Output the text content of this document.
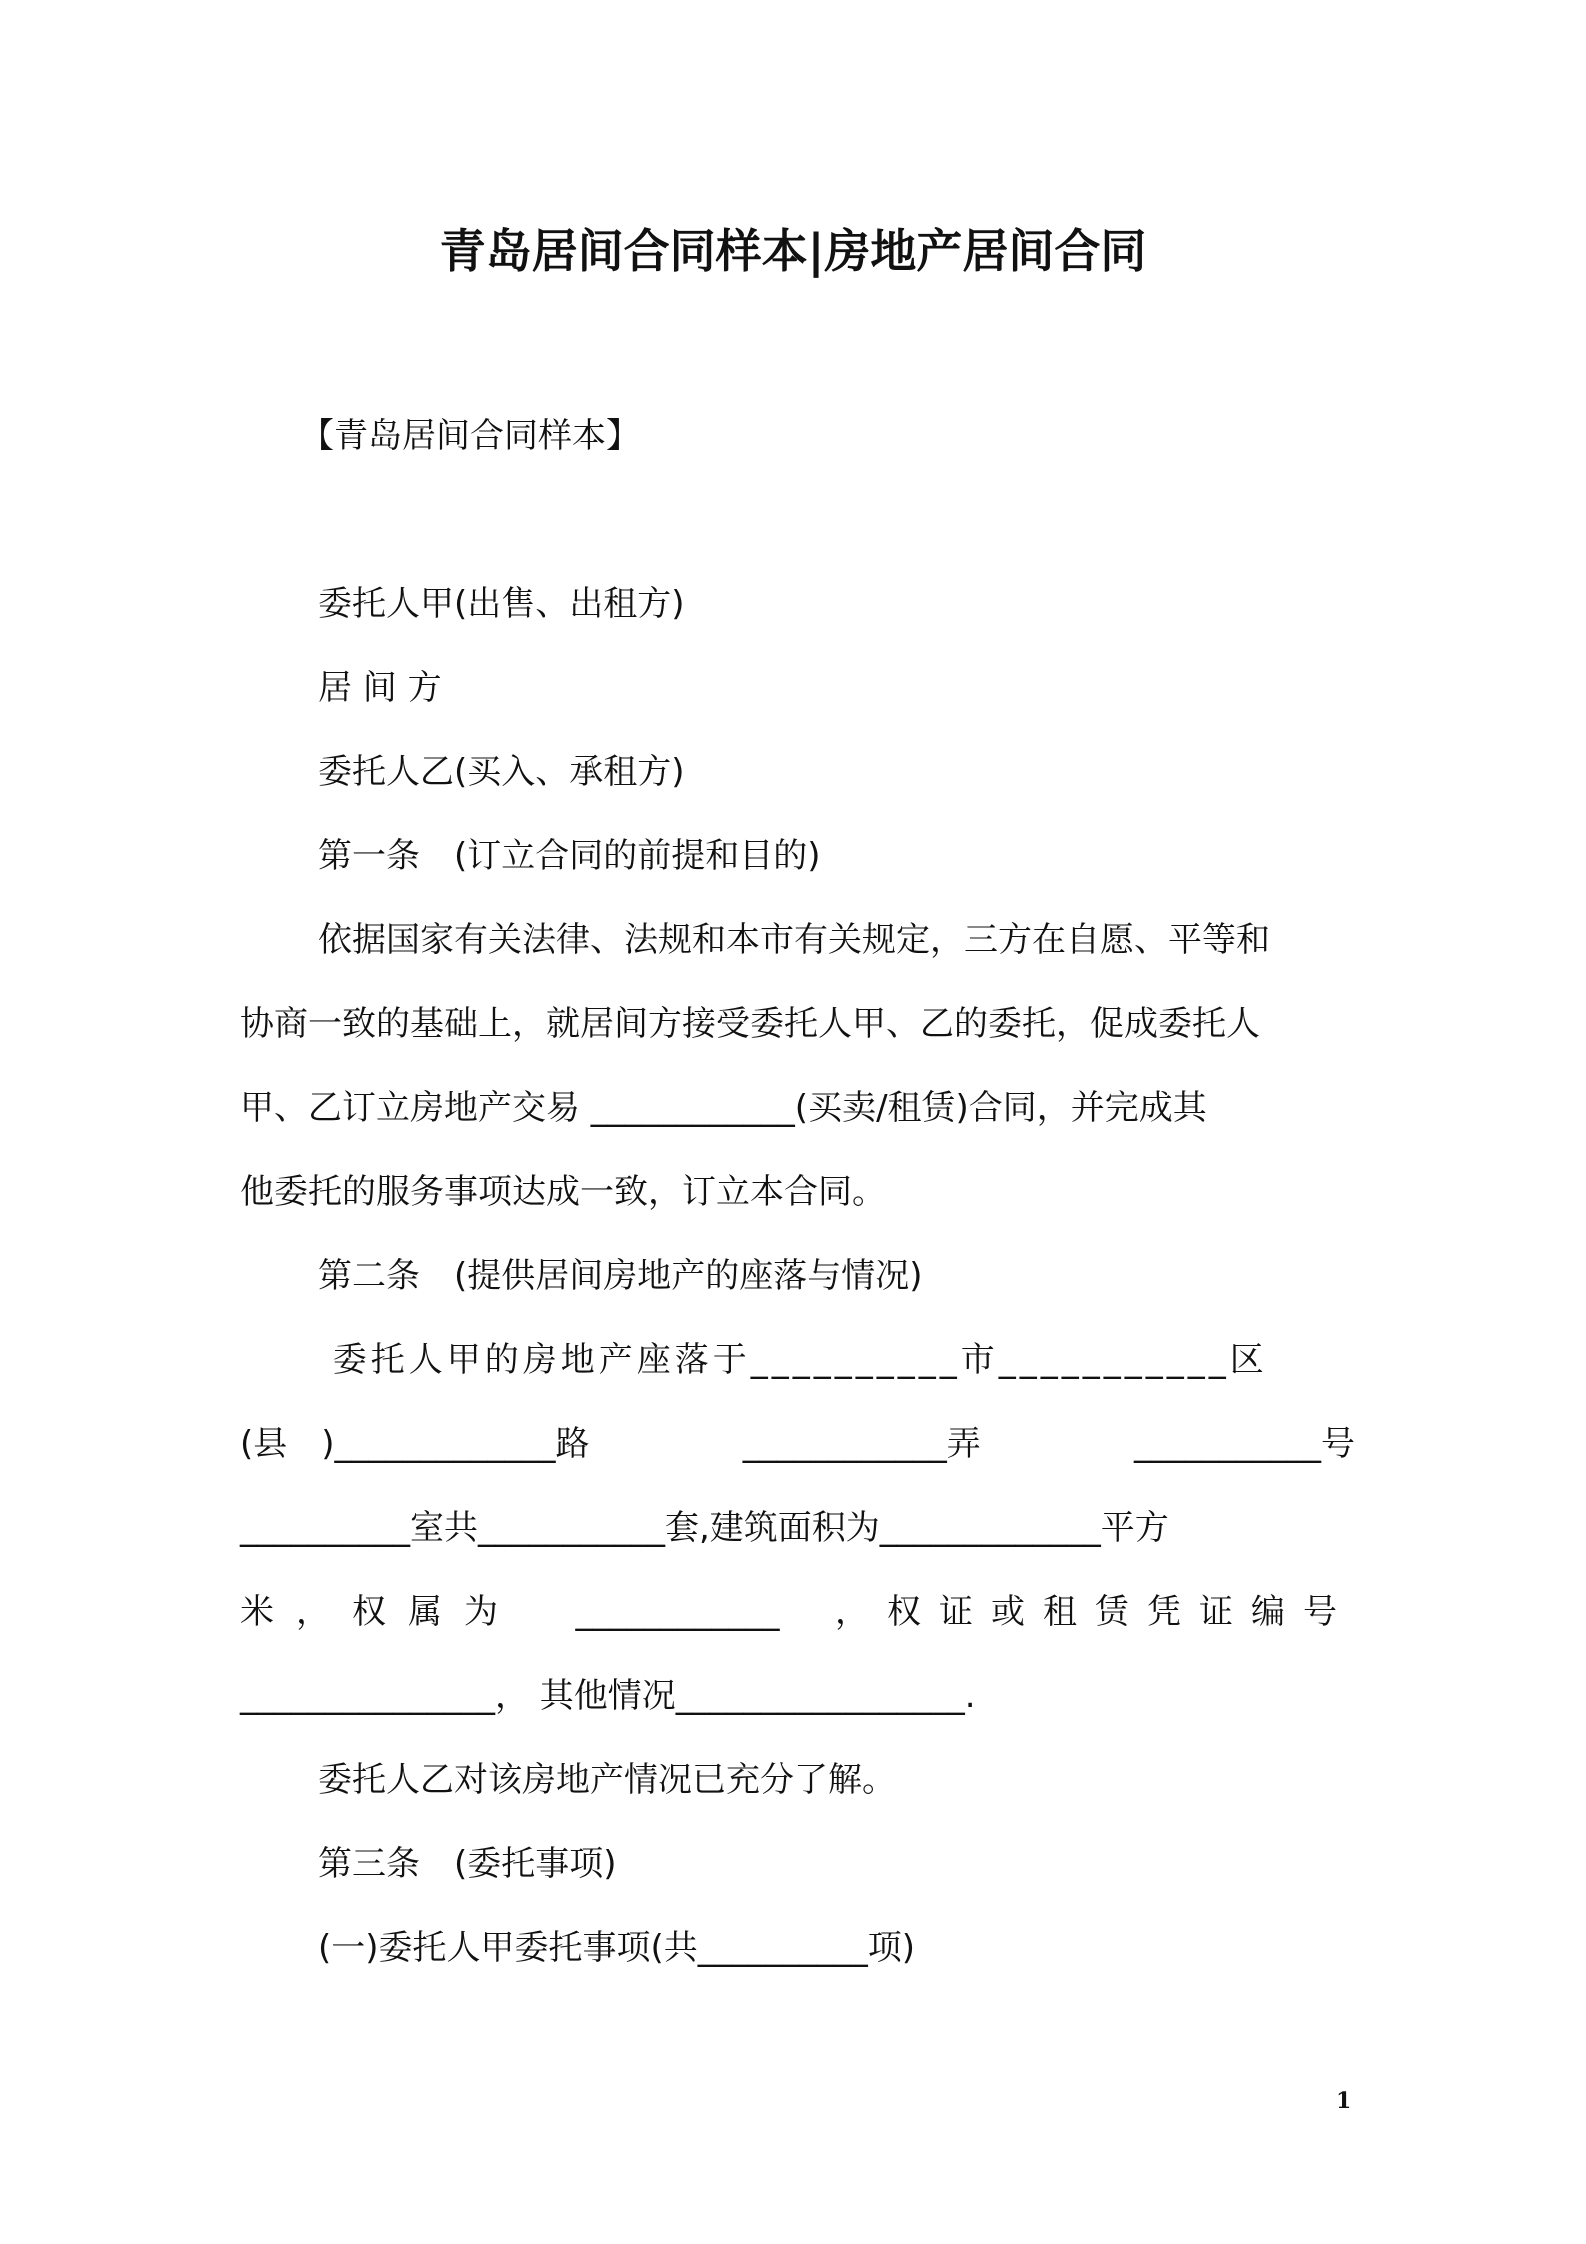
青岛居间合同样本|房地产居间合同
【青岛居间合同样本】
委托人甲(出售、出租方)
居 间 方
委托人乙(买入、承租方)
第一条　(订立合同的前提和目的)
依据国家有关法律、法规和本市有关规定，三方在自愿、平等和
协商一致的基础上，就居间方接受委托人甲、乙的委托，促成委托人
甲、乙订立房地产交易 ____________(买卖/租赁)合同，并完成其
他委托的服务事项达成一致，订立本合同。
第二条　(提供居间房地产的座落与情况)
委托人甲的房地产座落于__________市___________区
(县　)_____________路	____________弄	___________号
__________室共___________套,建筑面积为_____________平方
米，权属为 ____________ ，权证或租赁凭证编号
_______________， 其他情况_________________.
委托人乙对该房地产情况已充分了解。
第三条　(委托事项)
(一)委托人甲委托事项(共__________项)
1
